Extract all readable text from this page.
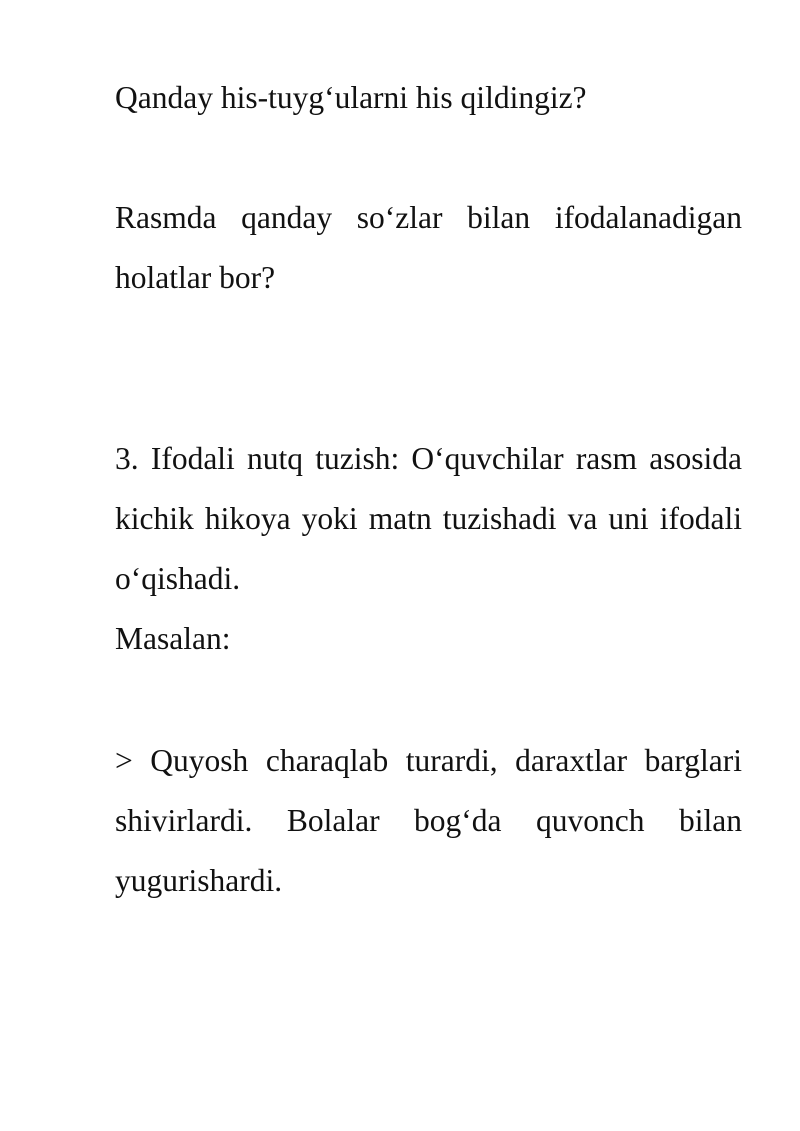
Qanday his-tuyg‘ularni his qildingiz?

Rasmda qanday so‘zlar bilan ifodalanadigan holatlar bor?

3. Ifodali nutq tuzish: O‘quvchilar rasm asosida kichik hikoya yoki matn tuzishadi va uni ifodali o‘qishadi.

Masalan:

> Quyosh charaqlab turardi, daraxtlar barglari shivirlardi. Bolalar bog‘da quvonch bilan yugurishardi.
